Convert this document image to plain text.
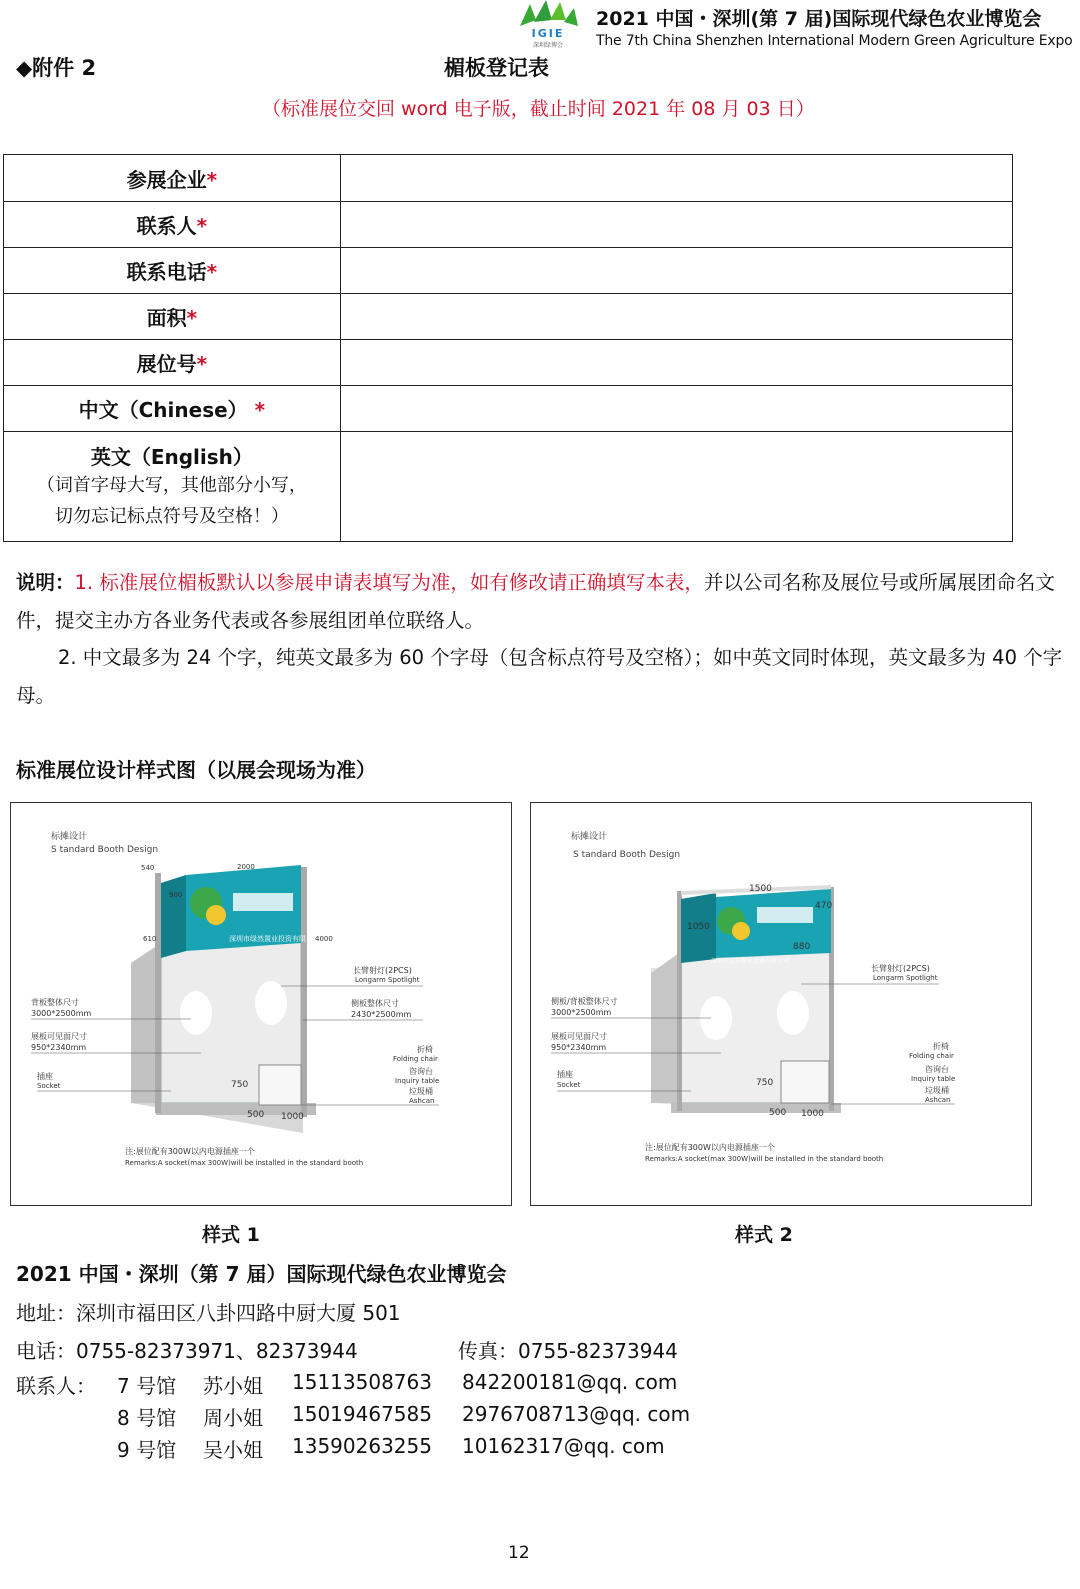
IGIE
深圳绿博会
2021 中国・深圳(第 7 届)国际现代绿色农业博览会
The 7th China Shenzhen International Modern Green Agriculture Expo
◆附件 2	楣板登记表
（标准展位交回 word 电子版，截止时间 2021 年 08 月 03 日）
参展企业*	
联系人*	
联系电话*	
面积*	
展位号*	
中文（Chinese） *	

英文（English）
（词首字母大写，其他部分小写，
切勿忘记标点符号及空格！）	

说明：1. 标准展位楣板默认以参展申请表填写为准，如有修改请正确填写本表，并以公司名称及展位号或所属展团命名文件，提交主办方各业务代表或各参展组团单位联络人。
2. 中文最多为 24 个字，纯英文最多为 60 个字母（包含标点符号及空格）；如中英文同时体现，英文最多为 40 个字母。
标准展位设计样式图（以展会现场为准）
标摊设计
S tandard Booth Design
深圳市绿然置业投资有限公司
540	2000
900
610	4000
750
500 1000
背板整体尺寸
3000*2500mm
展板可见面尺寸
950*2340mm
插座
Socket
长臂射灯(2PCS)
Longarm Spotlight
侧板整体尺寸
2430*2500mm
折椅
Folding chair
咨询台
Inquiry table
垃圾桶
Ashcan
注:展位配有300W以内电源插座一个
Remarks:A socket(max 300W)will be installed in the standard booth
标摊设计
S tandard Booth Design
深圳市绿然置业投资有限公司
1500
470
1050
880
750
500 1000
侧板/背板整体尺寸
3000*2500mm
展板可见面尺寸
950*2340mm
插座
Socket
长臂射灯(2PCS)
Longarm Spotlight
折椅
Folding chair
咨询台
Inquiry table
垃圾桶
Ashcan
注:展位配有300W以内电源插座一个
Remarks:A socket(max 300W)will be installed in the standard booth
样式 1	样式 2
2021 中国・深圳（第 7 届）国际现代绿色农业博览会
地址：深圳市福田区八卦四路中厨大厦 501
电话：0755-82373971、82373944	传真：0755-82373944
联系人： 7 号馆 苏小姐 15113508763 842200181@qq. com
8 号馆 周小姐 15019467585 2976708713@qq. com
9 号馆 吴小姐 13590263255 10162317@qq. com
12
